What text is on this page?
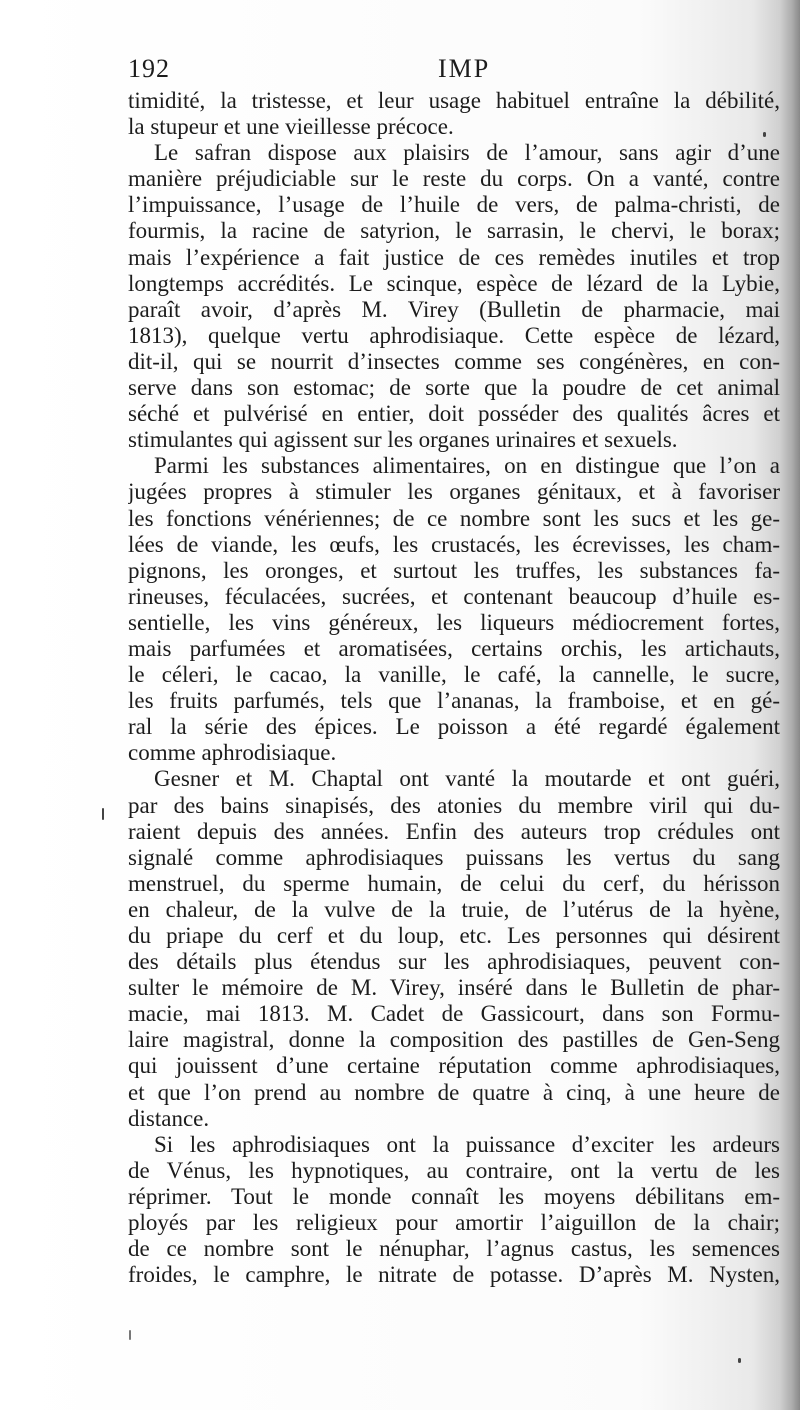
192	IMP
timidité, la tristesse, et leur usage habituel entraîne la débilité,
la stupeur et une vieillesse précoce.
Le safran dispose aux plaisirs de l’amour, sans agir d’une
manière préjudiciable sur le reste du corps. On a vanté, contre
l’impuissance, l’usage de l’huile de vers, de palma-christi, de
fourmis, la racine de satyrion, le sarrasin, le chervi, le borax;
mais l’expérience a fait justice de ces remèdes inutiles et trop
longtemps accrédités. Le scinque, espèce de lézard de la Lybie,
paraît avoir, d’après M. Virey (Bulletin de pharmacie, mai
1813), quelque vertu aphrodisiaque. Cette espèce de lézard,
dit-il, qui se nourrit d’insectes comme ses congénères, en con-
serve dans son estomac; de sorte que la poudre de cet animal
séché et pulvérisé en entier, doit posséder des qualités âcres et
stimulantes qui agissent sur les organes urinaires et sexuels.
Parmi les substances alimentaires, on en distingue que l’on a
jugées propres à stimuler les organes génitaux, et à favoriser
les fonctions vénériennes; de ce nombre sont les sucs et les ge-
lées de viande, les œufs, les crustacés, les écrevisses, les cham-
pignons, les oronges, et surtout les truffes, les substances fa-
rineuses, féculacées, sucrées, et contenant beaucoup d’huile es-
sentielle, les vins généreux, les liqueurs médiocrement fortes,
mais parfumées et aromatisées, certains orchis, les artichauts,
le céleri, le cacao, la vanille, le café, la cannelle, le sucre,
les fruits parfumés, tels que l’ananas, la framboise, et en gé-
ral la série des épices. Le poisson a été regardé également
comme aphrodisiaque.
Gesner et M. Chaptal ont vanté la moutarde et ont guéri,
par des bains sinapisés, des atonies du membre viril qui du-
raient depuis des années. Enfin des auteurs trop crédules ont
signalé comme aphrodisiaques puissans les vertus du sang
menstruel, du sperme humain, de celui du cerf, du hérisson
en chaleur, de la vulve de la truie, de l’utérus de la hyène,
du priape du cerf et du loup, etc. Les personnes qui désirent
des détails plus étendus sur les aphrodisiaques, peuvent con-
sulter le mémoire de M. Virey, inséré dans le Bulletin de phar-
macie, mai 1813. M. Cadet de Gassicourt, dans son Formu-
laire magistral, donne la composition des pastilles de Gen-Seng
qui jouissent d’une certaine réputation comme aphrodisiaques,
et que l’on prend au nombre de quatre à cinq, à une heure de
distance.
Si les aphrodisiaques ont la puissance d’exciter les ardeurs
de Vénus, les hypnotiques, au contraire, ont la vertu de les
réprimer. Tout le monde connaît les moyens débilitans em-
ployés par les religieux pour amortir l’aiguillon de la chair;
de ce nombre sont le nénuphar, l’agnus castus, les semences
froides, le camphre, le nitrate de potasse. D’après M. Nysten,
